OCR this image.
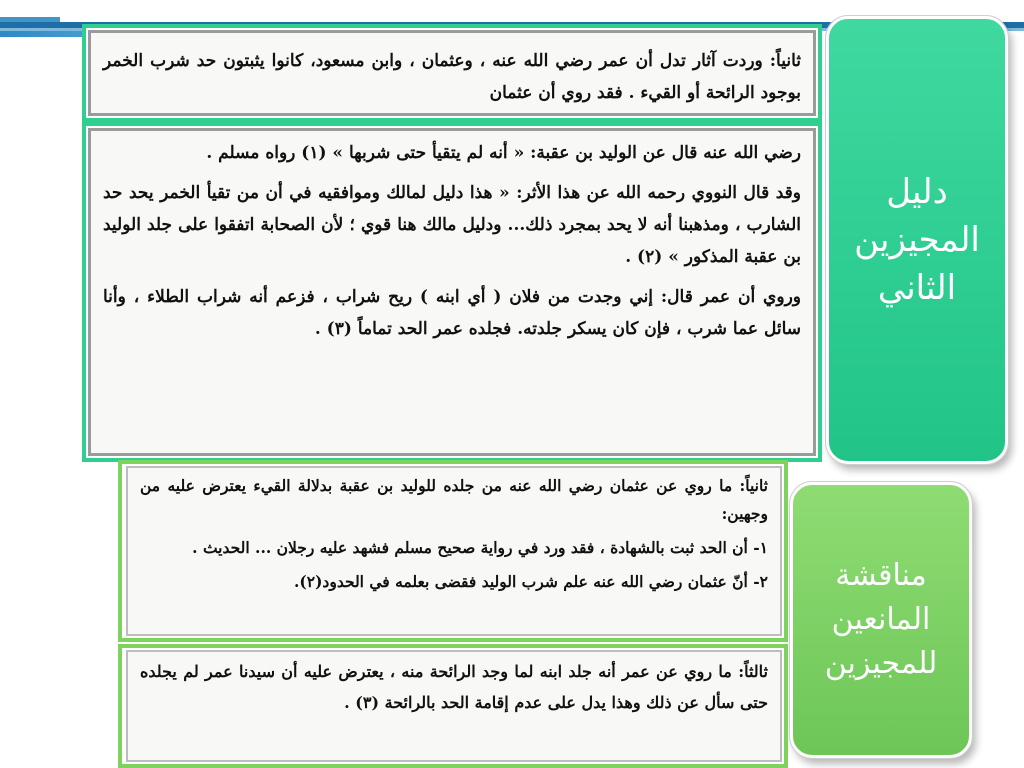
ثانياً: وردت آثار تدل أن عمر رضي الله عنه ، وعثمان ، وابن مسعود، كانوا يثبتون حد شرب الخمر بوجود الرائحة أو القيء . فقد روي أن عثمان

رضي الله عنه قال عن الوليد بن عقبة: « أنه لم يتقيأ حتى شربها » (١) رواه مسلم .

وقد قال النووي رحمه الله عن هذا الأثر: « هذا دليل لمالك وموافقيه في أن من تقيأ الخمر يحد حد الشارب ، ومذهبنا أنه لا يحد بمجرد ذلك... ودليل مالك هنا قوي ؛ لأن الصحابة اتفقوا على جلد الوليد بن عقبة المذكور » (٢) .

وروي أن عمر قال: إني وجدت من فلان ( أي ابنه ) ريح شراب ، فزعم أنه شراب الطلاء ، وأنا سائل عما شرب ، فإن كان يسكر جلدته. فجلده عمر الحد تماماً (٣) .

ثانياً: ما روي عن عثمان رضي الله عنه من جلده للوليد بن عقبة بدلالة القيء يعترض عليه من وجهين:

١- أن الحد ثبت بالشهادة ، فقد ورد في رواية صحيح مسلم فشهد عليه رجلان ... الحديث .

٢- أنّ عثمان رضي الله عنه علم شرب الوليد فقضى بعلمه في الحدود(٢).

ثالثاً: ما روي عن عمر أنه جلد ابنه لما وجد الرائحة منه ، يعترض عليه أن سيدنا عمر لم يجلده حتى سأل عن ذلك وهذا يدل على عدم إقامة الحد بالرائحة (٣) .
دليل
المجيزين
الثاني
مناقشة
المانعين
للمجيزين
